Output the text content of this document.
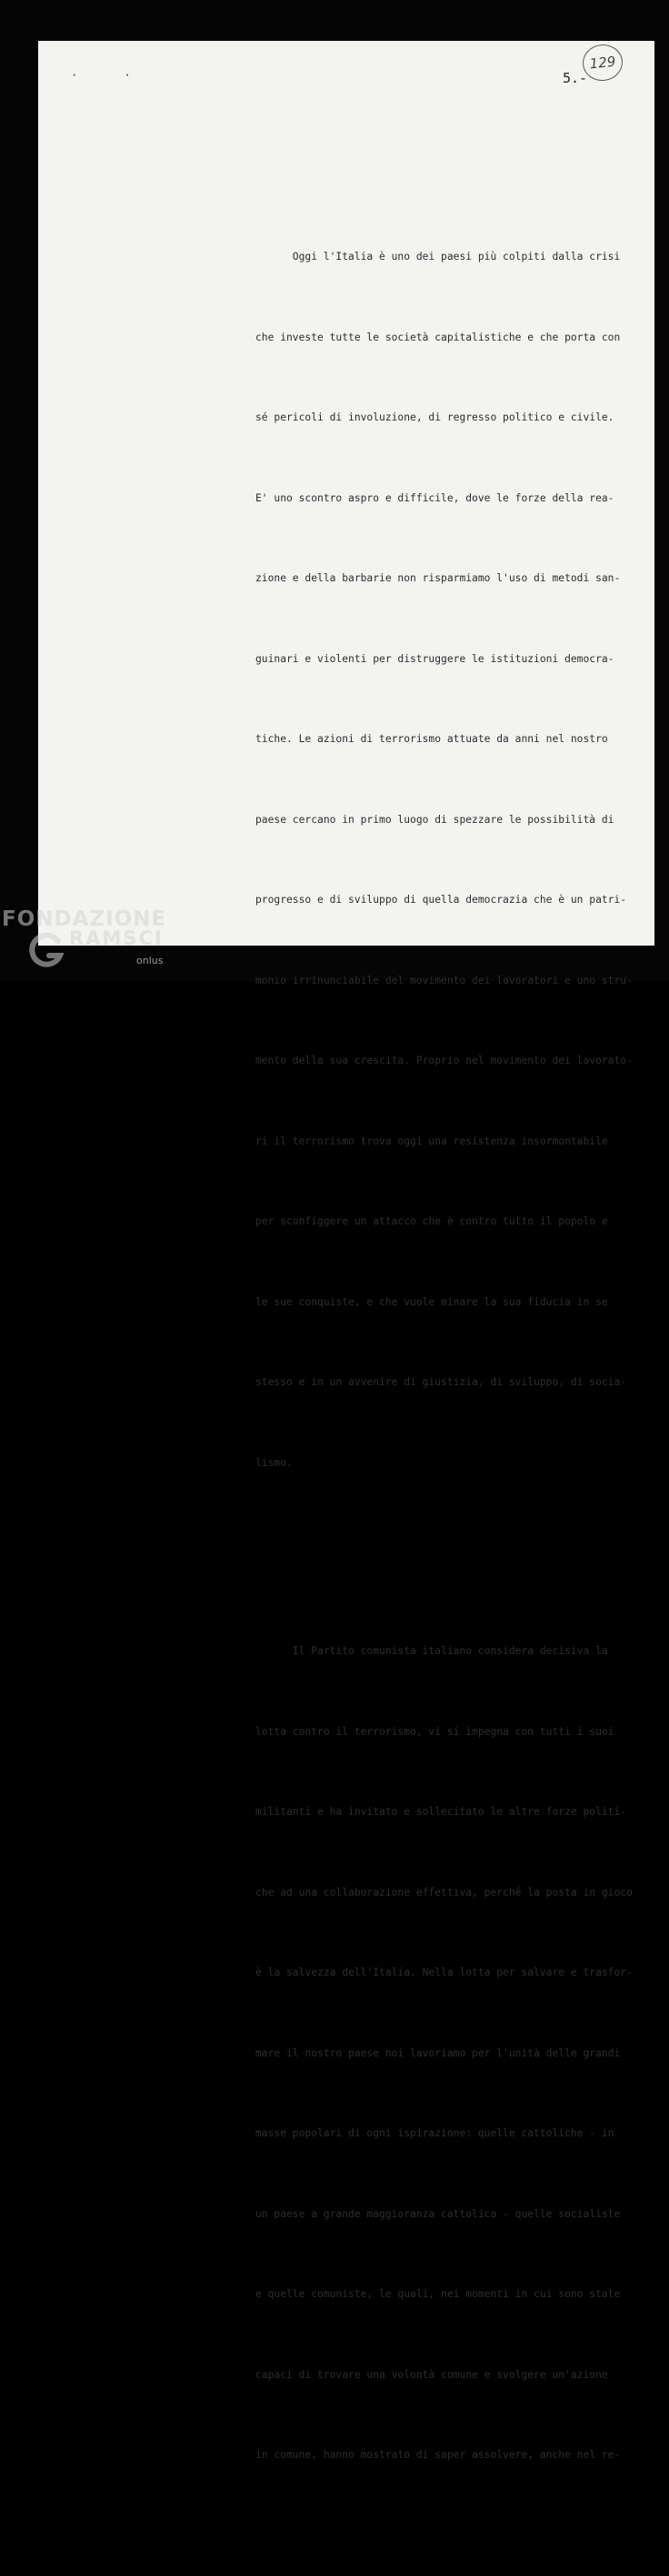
· ·	5.-
129

Oggi l'Italia è uno dei paesi più colpiti dalla crisi

che investe tutte le società capitalistiche e che porta con

sé pericoli di involuzione, di regresso politico e civile.

E' uno scontro aspro e difficile, dove le forze della rea-

zione e della barbarie non risparmiamo l'uso di metodi san-

guinari e violenti per distruggere le istituzioni democra-

tiche. Le azioni di terrorismo attuate da anni nel nostro

paese cercano in primo luogo di spezzare le possibilità di

progresso e di sviluppo di quella democrazia che è un patri-

monio irrinunciabile del movimento dei lavoratori e uno stru-

mento della sua crescita. Proprio nel movimento dei lavorato-

ri il terrorismo trova oggi una resistenza insormontabile

per sconfiggere un attacco che è contro tutto il popolo e

le sue conquiste, e che vuole minare la sua fiducia in se

stesso e in un avvenire di giustizia, di sviluppo, di socia-

lismo.

Il Partito comunista italiano considera decisiva la

lotta contro il terrorismo, vi si impegna con tutti i suoi

militanti e ha invitato e sollecitato le altre forze politi-

che ad una collaborazione effettiva, perché la posta in gioco

è la salvezza dell'Italia. Nella lotta per salvare e trasfor-

mare il nostro paese noi lavoriamo per l'unità delle grandi

masse popolari di ogni ispirazione: quelle cattoliche - in

un paese a grande maggioranza cattolica - quelle socialiste

e quelle comuniste, le quali, nei momenti in cui sono state

capaci di trovare una volontà comune e svolgere un'azione

in comune, hanno mostrato di saper assolvere, anche nel re-

FONDAZIONE
RAMSCI
onlus
